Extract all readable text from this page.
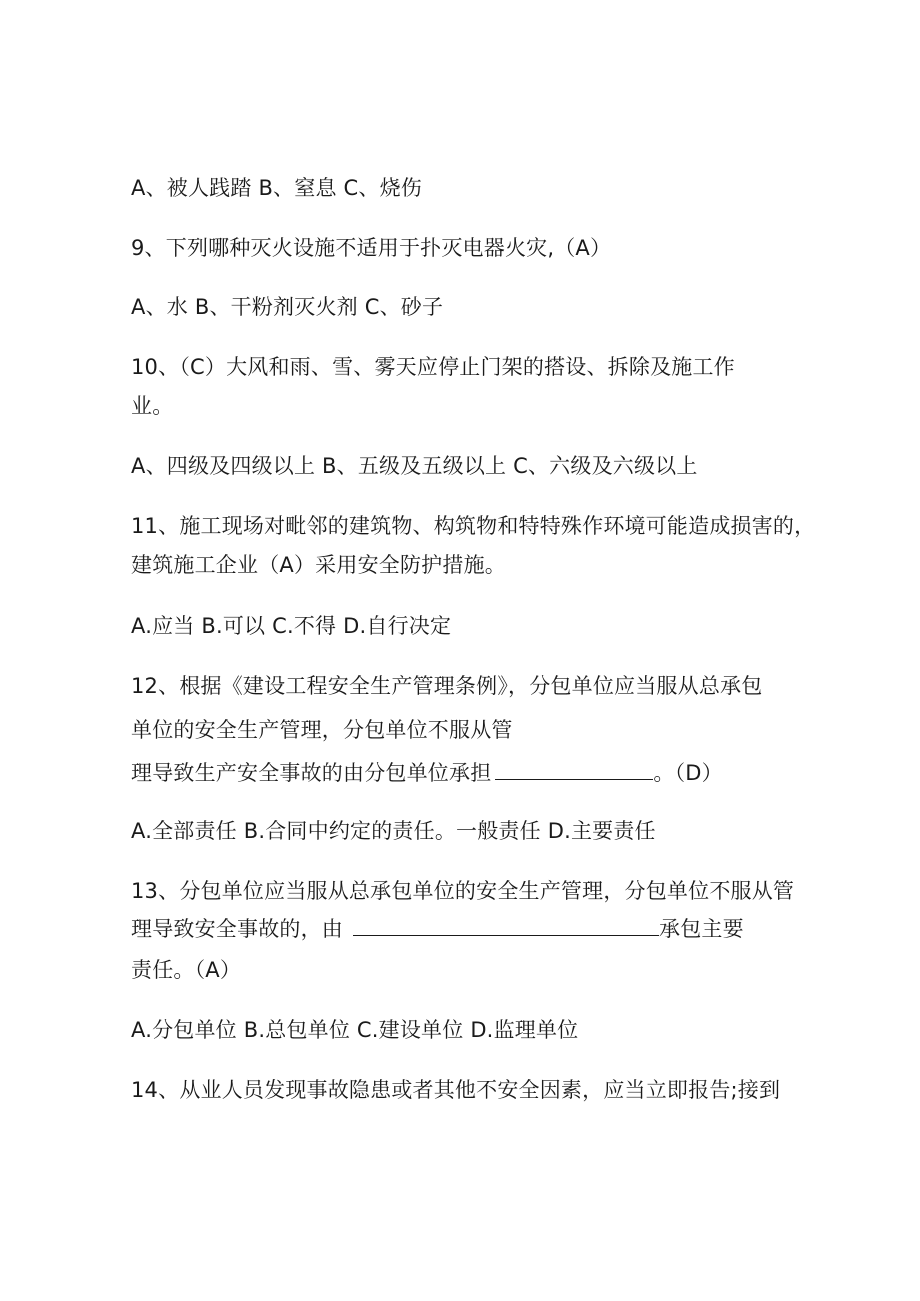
A、被人践踏 B、窒息 C、烧伤
9、下列哪种灭火设施不适用于扑灭电器火灾,（A）
A、水 B、干粉剂灭火剂 C、砂子
10、（C）大风和雨、雪、雾天应停止门架的搭设、拆除及施工作
业。
A、四级及四级以上 B、五级及五级以上 C、六级及六级以上
11、施工现场对毗邻的建筑物、构筑物和特特殊作环境可能造成损害的，
建筑施工企业（A）采用安全防护措施。
A.应当 B.可以 C.不得 D.自行决定
12、根据《建设工程安全生产管理条例》，分包单位应当服从总承包
单位的安全生产管理，分包单位不服从管
理导致生产安全事故的由分包单位承担	。（D）
A.全部责任 B.合同中约定的责任。一般责任 D.主要责任
13、分包单位应当服从总承包单位的安全生产管理，分包单位不服从管
理导致安全事故的，由	承包主要
责任。（A）
A.分包单位 B.总包单位 C.建设单位 D.监理单位
14、从业人员发现事故隐患或者其他不安全因素，应当立即报告;接到
